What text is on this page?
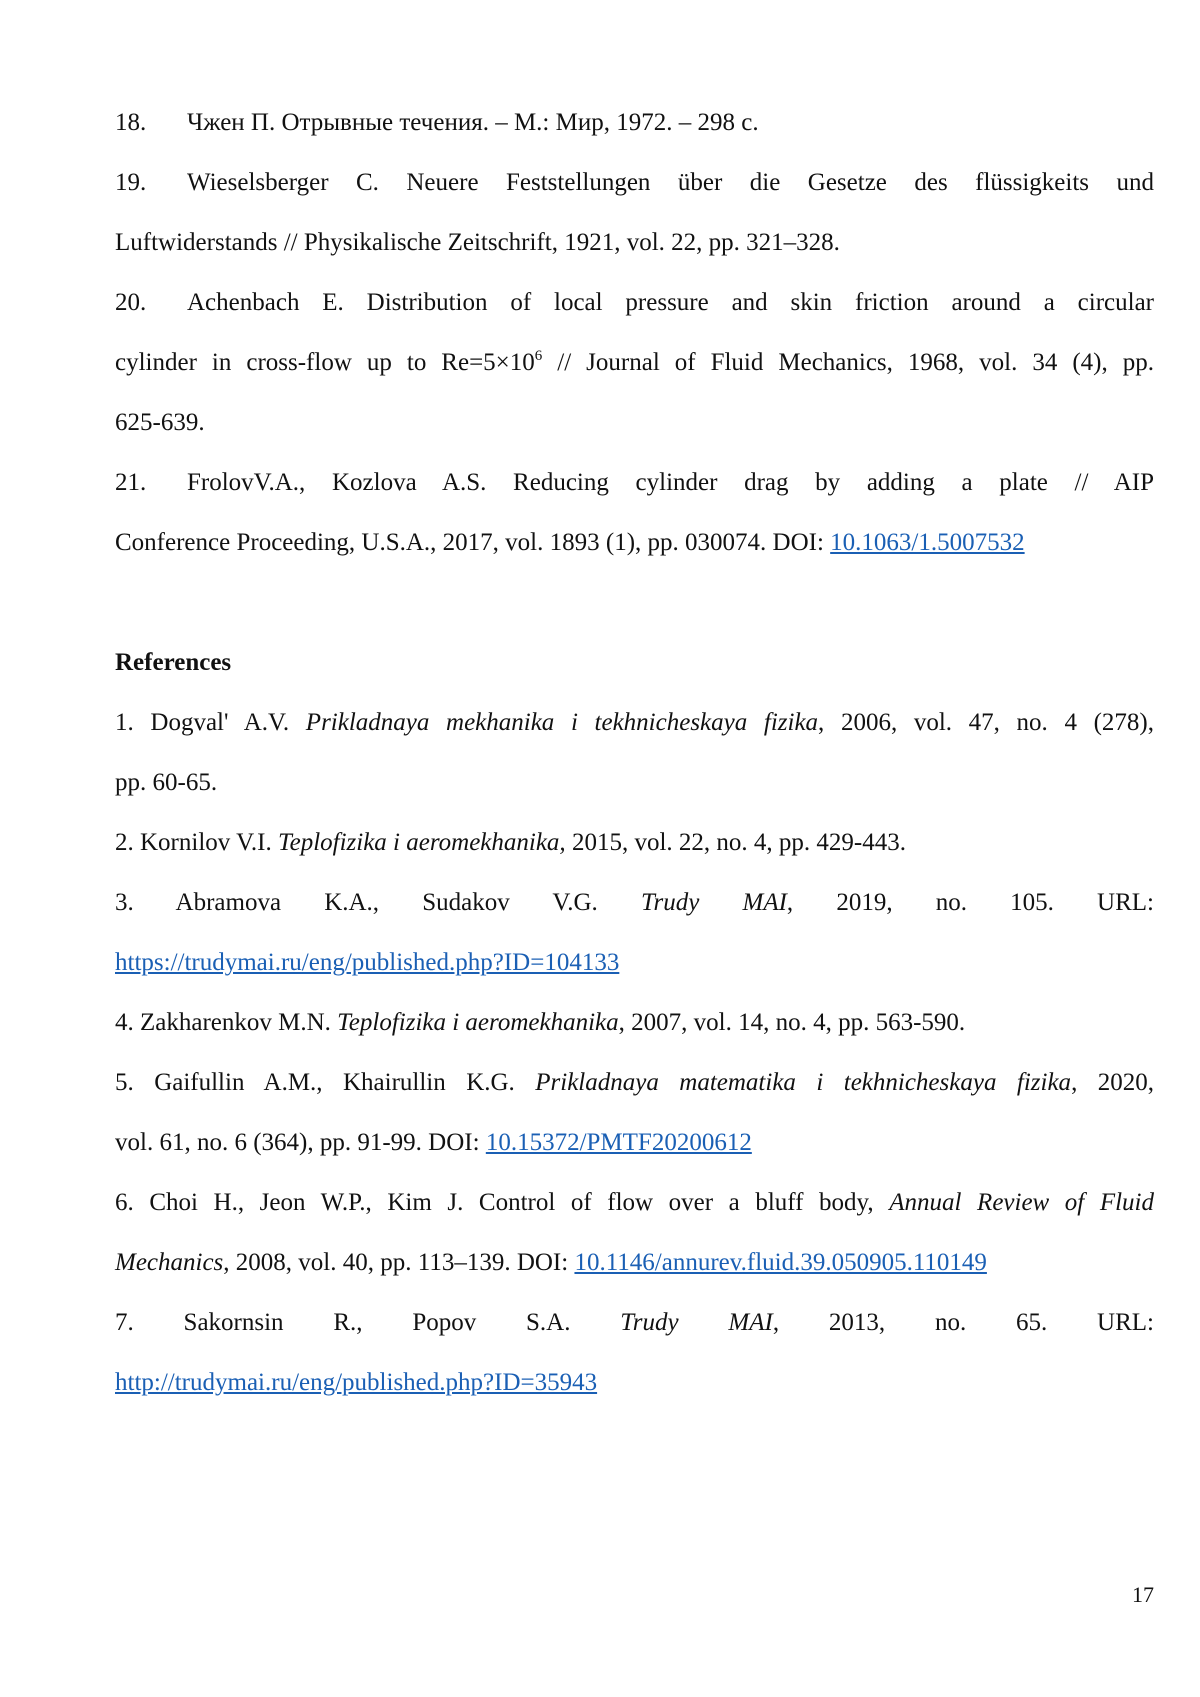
18. Чжен П. Отрывные течения. – М.: Мир, 1972. – 298 с.
19. Wieselsberger C. Neuere Feststellungen über die Gesetze des flüssigkeits und
Luftwiderstands // Physikalische Zeitschrift, 1921, vol. 22, pp. 321–328.
20. Achenbach E. Distribution of local pressure and skin friction around a circular
cylinder in cross-flow up to Re=5×106 // Journal of Fluid Mechanics, 1968, vol. 34 (4), pp.
625-639.
21. FrolovV.A., Kozlova A.S. Reducing cylinder drag by adding a plate // AIP
Conference Proceeding, U.S.A., 2017, vol. 1893 (1), pp. 030074. DOI: 10.1063/1.5007532
References
1. Dogval' A.V. Prikladnaya mekhanika i tekhnicheskaya fizika, 2006, vol. 47, no. 4 (278),
pp. 60-65.
2. Kornilov V.I. Teplofizika i aeromekhanika, 2015, vol. 22, no. 4, pp. 429-443.
3. Abramova K.A., Sudakov V.G. Trudy MAI, 2019, no. 105. URL:
https://trudymai.ru/eng/published.php?ID=104133
4. Zakharenkov M.N. Teplofizika i aeromekhanika, 2007, vol. 14, no. 4, pp. 563-590.
5. Gaifullin A.M., Khairullin K.G. Prikladnaya matematika i tekhnicheskaya fizika, 2020,
vol. 61, no. 6 (364), pp. 91-99. DOI: 10.15372/PMTF20200612
6. Choi H., Jeon W.P., Kim J. Control of flow over a bluff body, Annual Review of Fluid
Mechanics, 2008, vol. 40, pp. 113–139. DOI: 10.1146/annurev.fluid.39.050905.110149
7. Sakornsin R., Popov S.A. Trudy MAI, 2013, no. 65. URL:
http://trudymai.ru/eng/published.php?ID=35943
17
